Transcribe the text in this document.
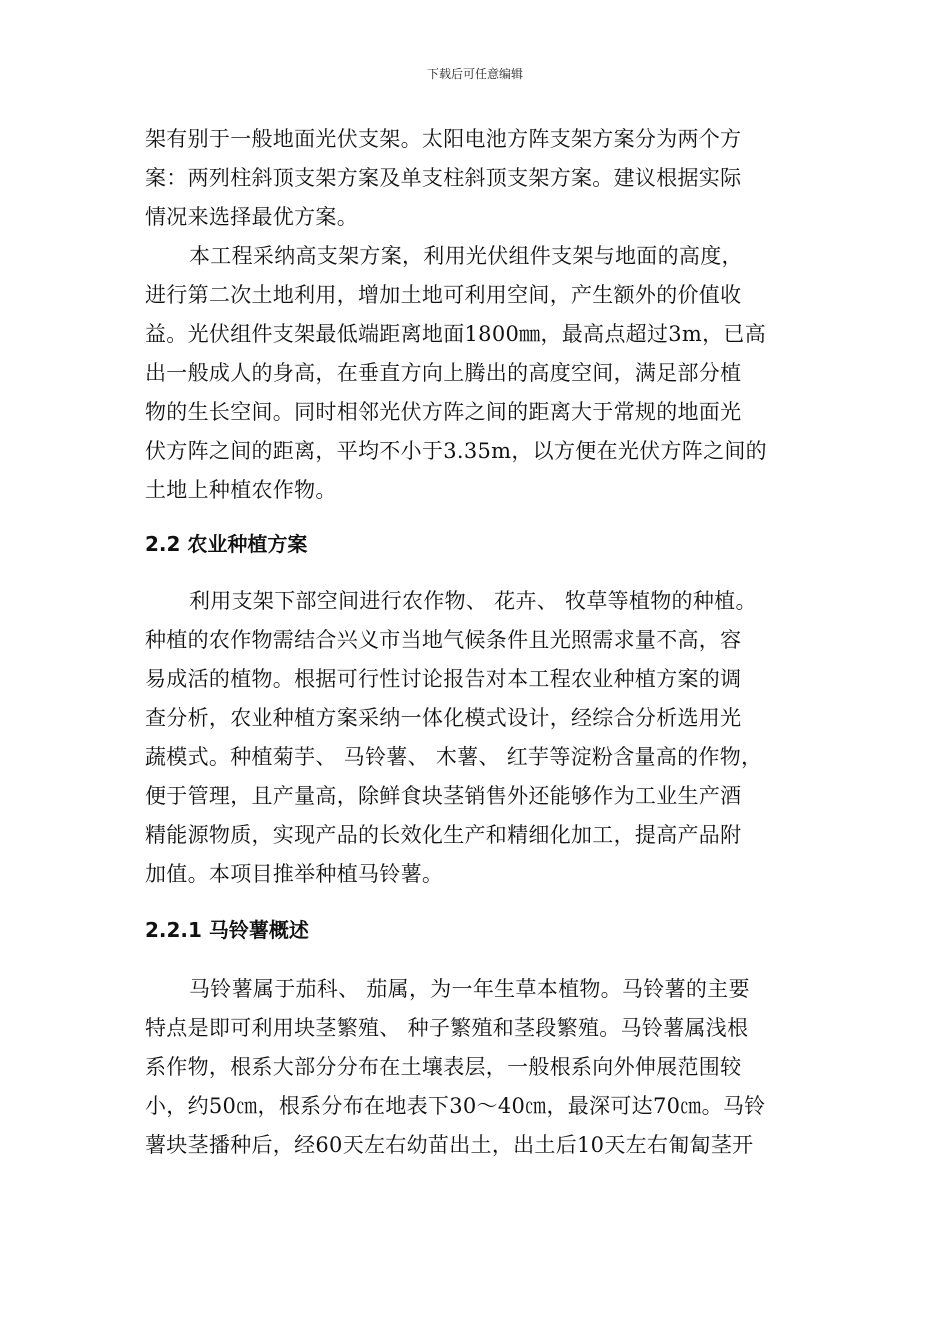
下载后可任意编辑

架有别于一般地面光伏支架。太阳电池方阵支架方案分为两个方
案：两列柱斜顶支架方案及单支柱斜顶支架方案。建议根据实际
情况来选择最优方案。

本工程采纳高支架方案，利用光伏组件支架与地面的高度，
进行第二次土地利用，增加土地可利用空间，产生额外的价值收
益。光伏组件支架最低端距离地面1800㎜，最高点超过3m，已高
出一般成人的身高，在垂直方向上腾出的高度空间，满足部分植
物的生长空间。同时相邻光伏方阵之间的距离大于常规的地面光
伏方阵之间的距离，平均不小于3.35m，以方便在光伏方阵之间的
土地上种植农作物。

2.2 农业种植方案

利用支架下部空间进行农作物、 花卉、 牧草等植物的种植。
种植的农作物需结合兴义市当地气候条件且光照需求量不高，容
易成活的植物。根据可行性讨论报告对本工程农业种植方案的调
查分析，农业种植方案采纳一体化模式设计，经综合分析选用光
蔬模式。种植菊芋、 马铃薯、 木薯、 红芋等淀粉含量高的作物，
便于管理，且产量高，除鲜食块茎销售外还能够作为工业生产酒
精能源物质，实现产品的长效化生产和精细化加工，提高产品附
加值。本项目推举种植马铃薯。

2.2.1 马铃薯概述

马铃薯属于茄科、 茄属，为一年生草本植物。马铃薯的主要
特点是即可利用块茎繁殖、 种子繁殖和茎段繁殖。马铃薯属浅根
系作物，根系大部分分布在土壤表层，一般根系向外伸展范围较
小，约50㎝，根系分布在地表下30～40㎝，最深可达70㎝。马铃
薯块茎播种后，经60天左右幼苗出土，出土后10天左右匍匐茎开
